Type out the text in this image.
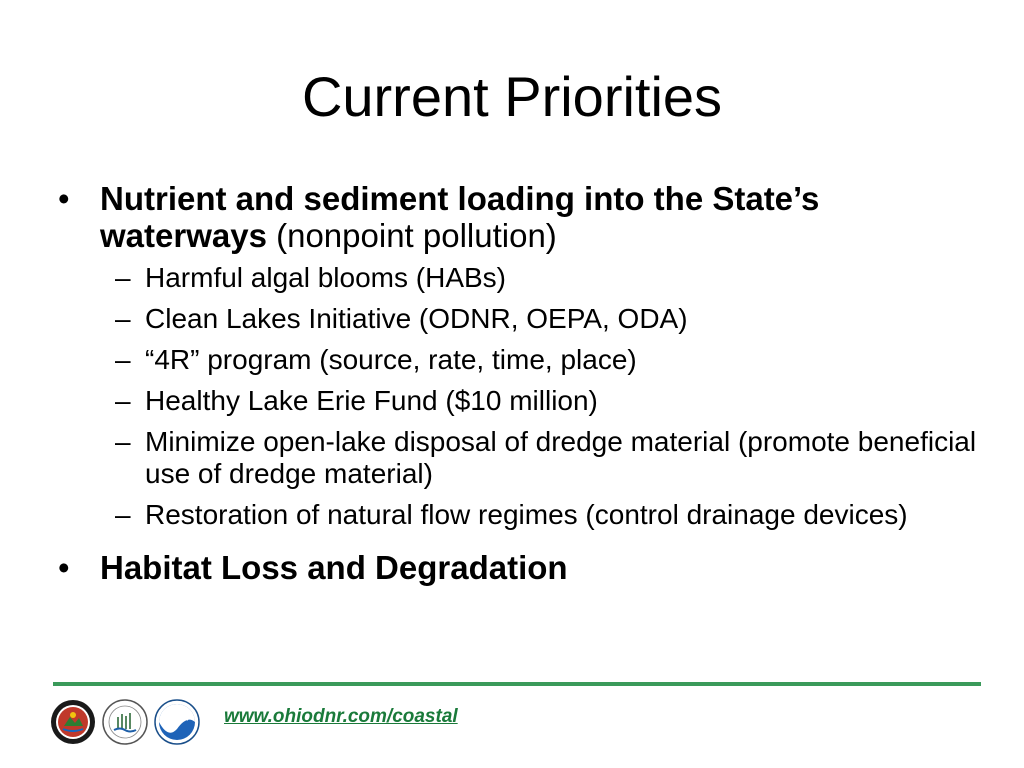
Current Priorities
• Nutrient and sediment loading into the State’s waterways (nonpoint pollution)
– Harmful algal blooms (HABs)
– Clean Lakes Initiative (ODNR, OEPA, ODA)
– “4R” program (source, rate, time, place)
– Healthy Lake Erie Fund ($10 million)
– Minimize open-lake disposal of dredge material (promote beneficial use of dredge material)
– Restoration of natural flow regimes (control drainage devices)
• Habitat Loss and Degradation
www.ohiodnr.com/coastal
